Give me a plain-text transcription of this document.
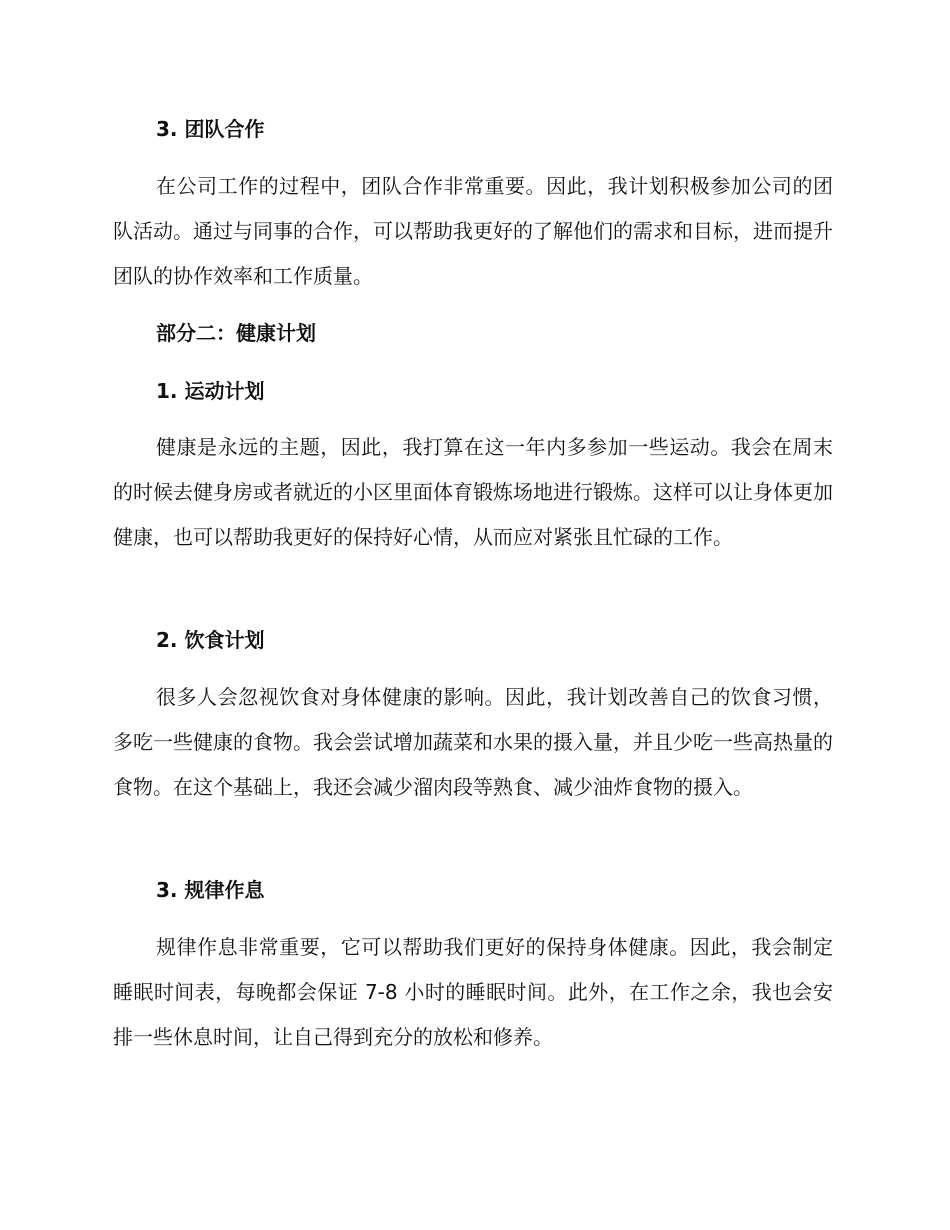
3. 团队合作

在公司工作的过程中，团队合作非常重要。因此，我计划积极参加公司的团队活动。通过与同事的合作，可以帮助我更好的了解他们的需求和目标，进而提升团队的协作效率和工作质量。

部分二：健康计划
1. 运动计划

健康是永远的主题，因此，我打算在这一年内多参加一些运动。我会在周末的时候去健身房或者就近的小区里面体育锻炼场地进行锻炼。这样可以让身体更加健康，也可以帮助我更好的保持好心情，从而应对紧张且忙碌的工作。

2. 饮食计划

很多人会忽视饮食对身体健康的影响。因此，我计划改善自己的饮食习惯，多吃一些健康的食物。我会尝试增加蔬菜和水果的摄入量，并且少吃一些高热量的食物。在这个基础上，我还会减少溜肉段等熟食、减少油炸食物的摄入。

3. 规律作息

规律作息非常重要，它可以帮助我们更好的保持身体健康。因此，我会制定睡眠时间表，每晚都会保证 7-8 小时的睡眠时间。此外，在工作之余，我也会安排一些休息时间，让自己得到充分的放松和修养。
